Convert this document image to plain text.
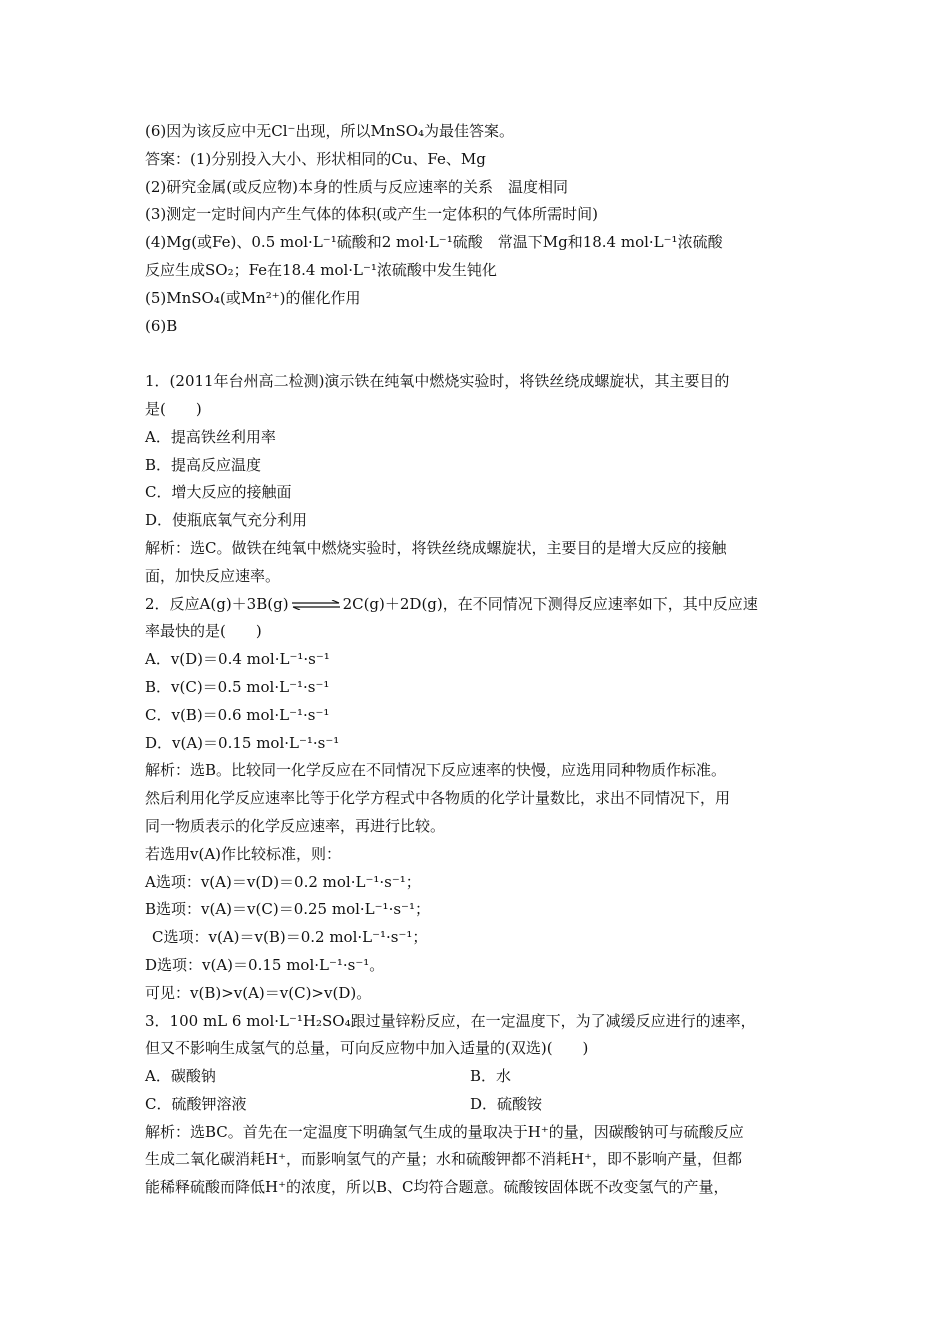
(6)因为该反应中无Cl⁻出现，所以MnSO₄为最佳答案。
答案：(1)分别投入大小、形状相同的Cu、Fe、Mg
(2)研究金属(或反应物)本身的性质与反应速率的关系　温度相同
(3)测定一定时间内产生气体的体积(或产生一定体积的气体所需时间)
(4)Mg(或Fe)、0.5 mol·L⁻¹硫酸和2 mol·L⁻¹硫酸　常温下Mg和18.4 mol·L⁻¹浓硫酸
反应生成SO₂；Fe在18.4 mol·L⁻¹浓硫酸中发生钝化
(5)MnSO₄(或Mn²⁺)的催化作用
(6)B
1．(2011年台州高二检测)演示铁在纯氧中燃烧实验时，将铁丝绕成螺旋状，其主要目的
是(　　)
A．提高铁丝利用率
B．提高反应温度
C．增大反应的接触面
D．使瓶底氧气充分利用
解析：选C。做铁在纯氧中燃烧实验时，将铁丝绕成螺旋状，主要目的是增大反应的接触
面，加快反应速率。
2．反应A(g)＋3B(g) ⇌ 2C(g)＋2D(g)，在不同情况下测得反应速率如下，其中反应速
率最快的是(　　)
A．v(D)＝0.4 mol·L⁻¹·s⁻¹
B．v(C)＝0.5 mol·L⁻¹·s⁻¹
C．v(B)＝0.6 mol·L⁻¹·s⁻¹
D．v(A)＝0.15 mol·L⁻¹·s⁻¹
解析：选B。比较同一化学反应在不同情况下反应速率的快慢，应选用同种物质作标准。
然后利用化学反应速率比等于化学方程式中各物质的化学计量数比，求出不同情况下，用
同一物质表示的化学反应速率，再进行比较。
若选用v(A)作比较标准，则：
A选项：v(A)＝v(D)＝0.2 mol·L⁻¹·s⁻¹；
B选项：v(A)＝v(C)＝0.25 mol·L⁻¹·s⁻¹；
C选项：v(A)＝v(B)＝0.2 mol·L⁻¹·s⁻¹；
D选项：v(A)＝0.15 mol·L⁻¹·s⁻¹。
可见：v(B)>v(A)＝v(C)>v(D)。
3．100 mL 6 mol·L⁻¹H₂SO₄跟过量锌粉反应，在一定温度下，为了减缓反应进行的速率，
但又不影响生成氢气的总量，可向反应物中加入适量的(双选)(　　)
A．碳酸钠	B．水
C．硫酸钾溶液	D．硫酸铵
解析：选BC。首先在一定温度下明确氢气生成的量取决于H⁺的量，因碳酸钠可与硫酸反应
生成二氧化碳消耗H⁺，而影响氢气的产量；水和硫酸钾都不消耗H⁺，即不影响产量，但都
能稀释硫酸而降低H⁺的浓度，所以B、C均符合题意。硫酸铵固体既不改变氢气的产量，
